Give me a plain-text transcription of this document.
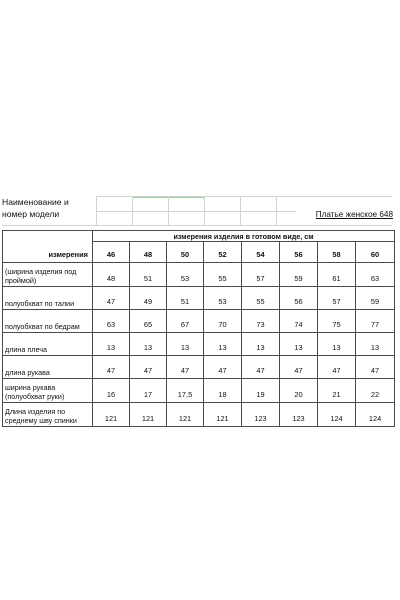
Наименование и номер модели	Платье женское 648
	измерения изделия в готовом виде, см							
измерения	46	48	50	52	54	56	58	60
(ширина изделия под проймой)	48	51	53	55	57	59	61	63
полуобхват по талии	47	49	51	53	55	56	57	59
полуобхват по бедрам	63	65	67	70	73	74	75	77
длина плеча	13	13	13	13	13	13	13	13
длина рукава	47	47	47	47	47	47	47	47
ширина рукава (полуобхват руки)	16	17	17,5	18	19	20	21	22
Длина изделия по среднему шву спинки	121	121	121	121	123	123	124	124
